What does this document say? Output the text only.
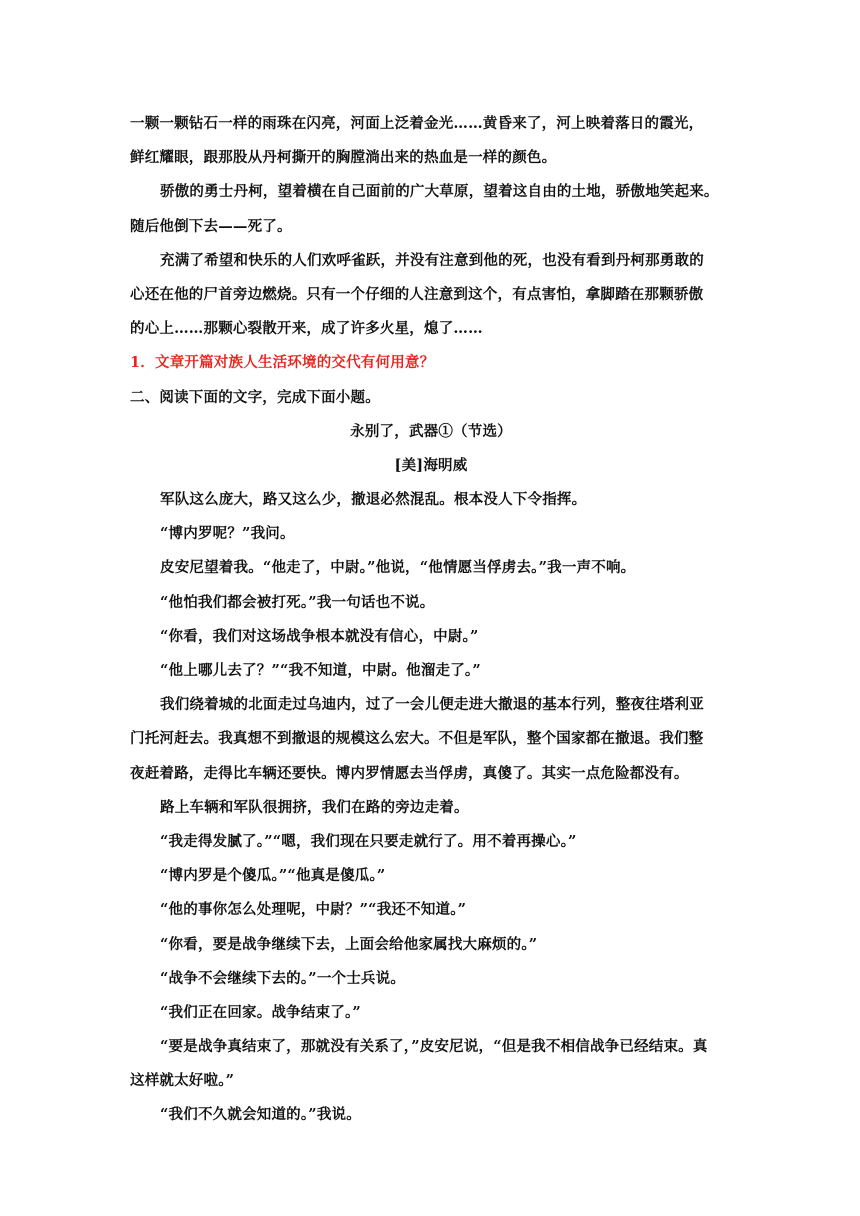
一颗一颗钻石一样的雨珠在闪亮，河面上泛着金光……黄昏来了，河上映着落日的霞光，
鲜红耀眼，跟那股从丹柯撕开的胸膛淌出来的热血是一样的颜色。
骄傲的勇士丹柯，望着横在自己面前的广大草原，望着这自由的土地，骄傲地笑起来。
随后他倒下去——死了。
充满了希望和快乐的人们欢呼雀跃，并没有注意到他的死，也没有看到丹柯那勇敢的
心还在他的尸首旁边燃烧。只有一个仔细的人注意到这个，有点害怕，拿脚踏在那颗骄傲
的心上……那颗心裂散开来，成了许多火星，熄了……
1．文章开篇对族人生活环境的交代有何用意？
二、阅读下面的文字，完成下面小题。
永别了，武器①（节选）
[美]海明威
军队这么庞大，路又这么少，撤退必然混乱。根本没人下令指挥。
“博内罗呢？”我问。
皮安尼望着我。“他走了，中尉。”他说，“他情愿当俘虏去。”我一声不响。
“他怕我们都会被打死。”我一句话也不说。
“你看，我们对这场战争根本就没有信心，中尉。”
“他上哪儿去了？”“我不知道，中尉。他溜走了。”
我们绕着城的北面走过乌迪内，过了一会儿便走进大撤退的基本行列，整夜往塔利亚
门托河赶去。我真想不到撤退的规模这么宏大。不但是军队，整个国家都在撤退。我们整
夜赶着路，走得比车辆还要快。博内罗情愿去当俘虏，真傻了。其实一点危险都没有。
路上车辆和军队很拥挤，我们在路的旁边走着。
“我走得发腻了。”“嗯，我们现在只要走就行了。用不着再操心。”
“博内罗是个傻瓜。”“他真是傻瓜。”
“他的事你怎么处理呢，中尉？”“我还不知道。”
“你看，要是战争继续下去，上面会给他家属找大麻烦的。”
“战争不会继续下去的。”一个士兵说。
“我们正在回家。战争结束了。”
“要是战争真结束了，那就没有关系了，”皮安尼说，“但是我不相信战争已经结束。真
这样就太好啦。”
“我们不久就会知道的。”我说。
